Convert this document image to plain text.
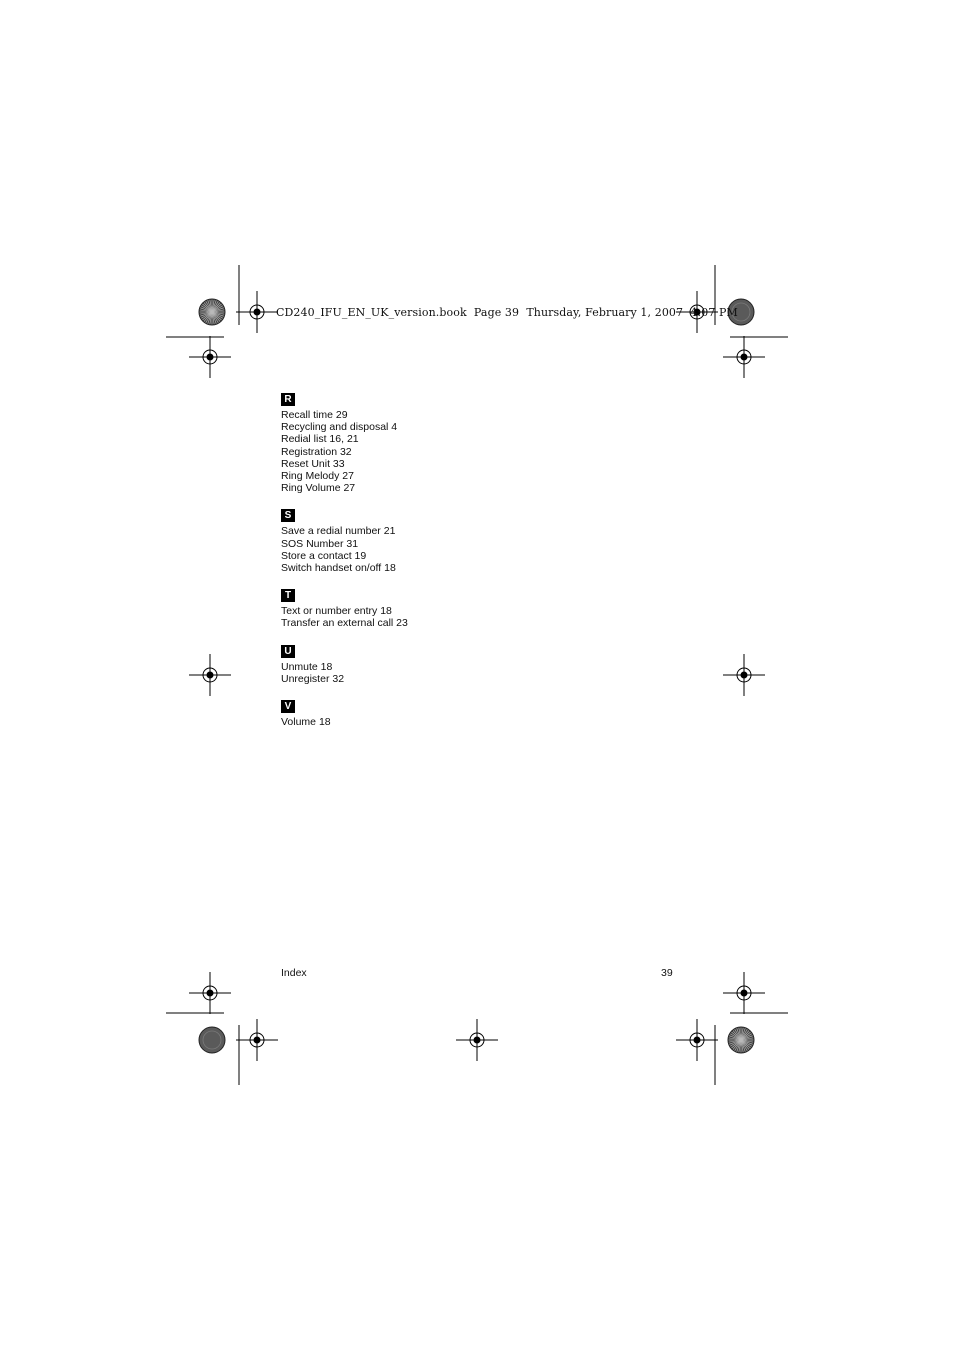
CD240_IFU_EN_UK_version.book  Page 39  Thursday, February 1, 2007  4:07 PM
R
Recall time 29
Recycling and disposal 4
Redial list 16, 21
Registration 32
Reset Unit 33
Ring Melody 27
Ring Volume 27
S
Save a redial number 21
SOS Number 31
Store a contact 19
Switch handset on/off 18
T
Text or number entry 18
Transfer an external call 23
U
Unmute 18
Unregister 32
V
Volume 18
Index	39
